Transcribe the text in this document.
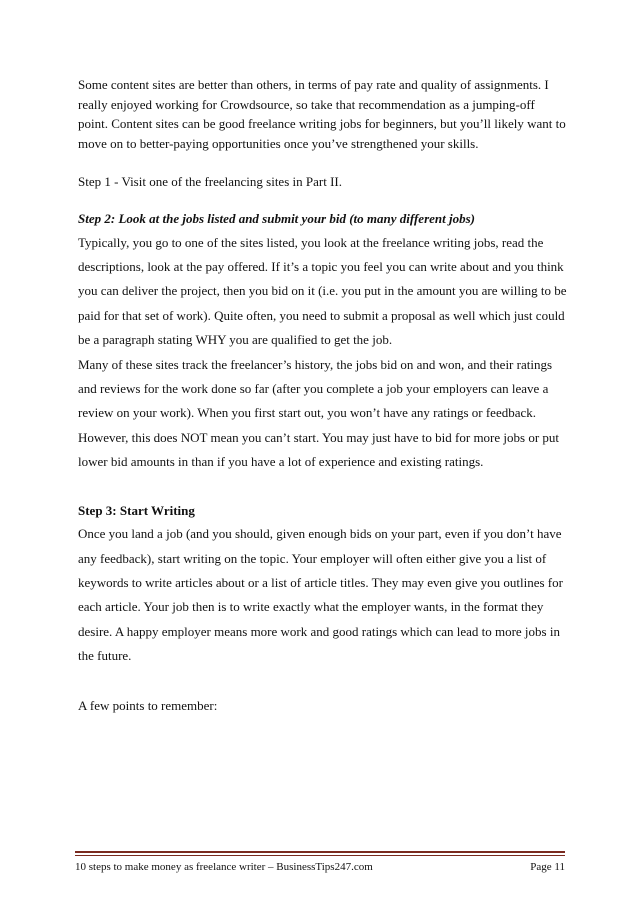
Some content sites are better than others, in terms of pay rate and quality of assignments. I really enjoyed working for Crowdsource, so take that recommendation as a jumping-off point. Content sites can be good freelance writing jobs for beginners, but you’ll likely want to move on to better-paying opportunities once you’ve strengthened your skills.

Step 1 - Visit one of the freelancing sites in Part II.

Step 2: Look at the jobs listed and submit your bid (to many different jobs)

Typically, you go to one of the sites listed, you look at the freelance writing jobs, read the descriptions, look at the pay offered. If it’s a topic you feel you can write about and you think you can deliver the project, then you bid on it (i.e. you put in the amount you are willing to be paid for that set of work). Quite often, you need to submit a proposal as well which just could be a paragraph stating WHY you are qualified to get the job.

Many of these sites track the freelancer’s history, the jobs bid on and won, and their ratings and reviews for the work done so far (after you complete a job your employers can leave a review on your work). When you first start out, you won’t have any ratings or feedback. However, this does NOT mean you can’t start. You may just have to bid for more jobs or put lower bid amounts in than if you have a lot of experience and existing ratings.

Step 3: Start Writing

Once you land a job (and you should, given enough bids on your part, even if you don’t have any feedback), start writing on the topic. Your employer will often either give you a list of keywords to write articles about or a list of article titles. They may even give you outlines for each article. Your job then is to write exactly what the employer wants, in the format they desire. A happy employer means more work and good ratings which can lead to more jobs in the future.

A few points to remember:

10 steps to make money as freelance writer – BusinessTips247.com	Page 11
